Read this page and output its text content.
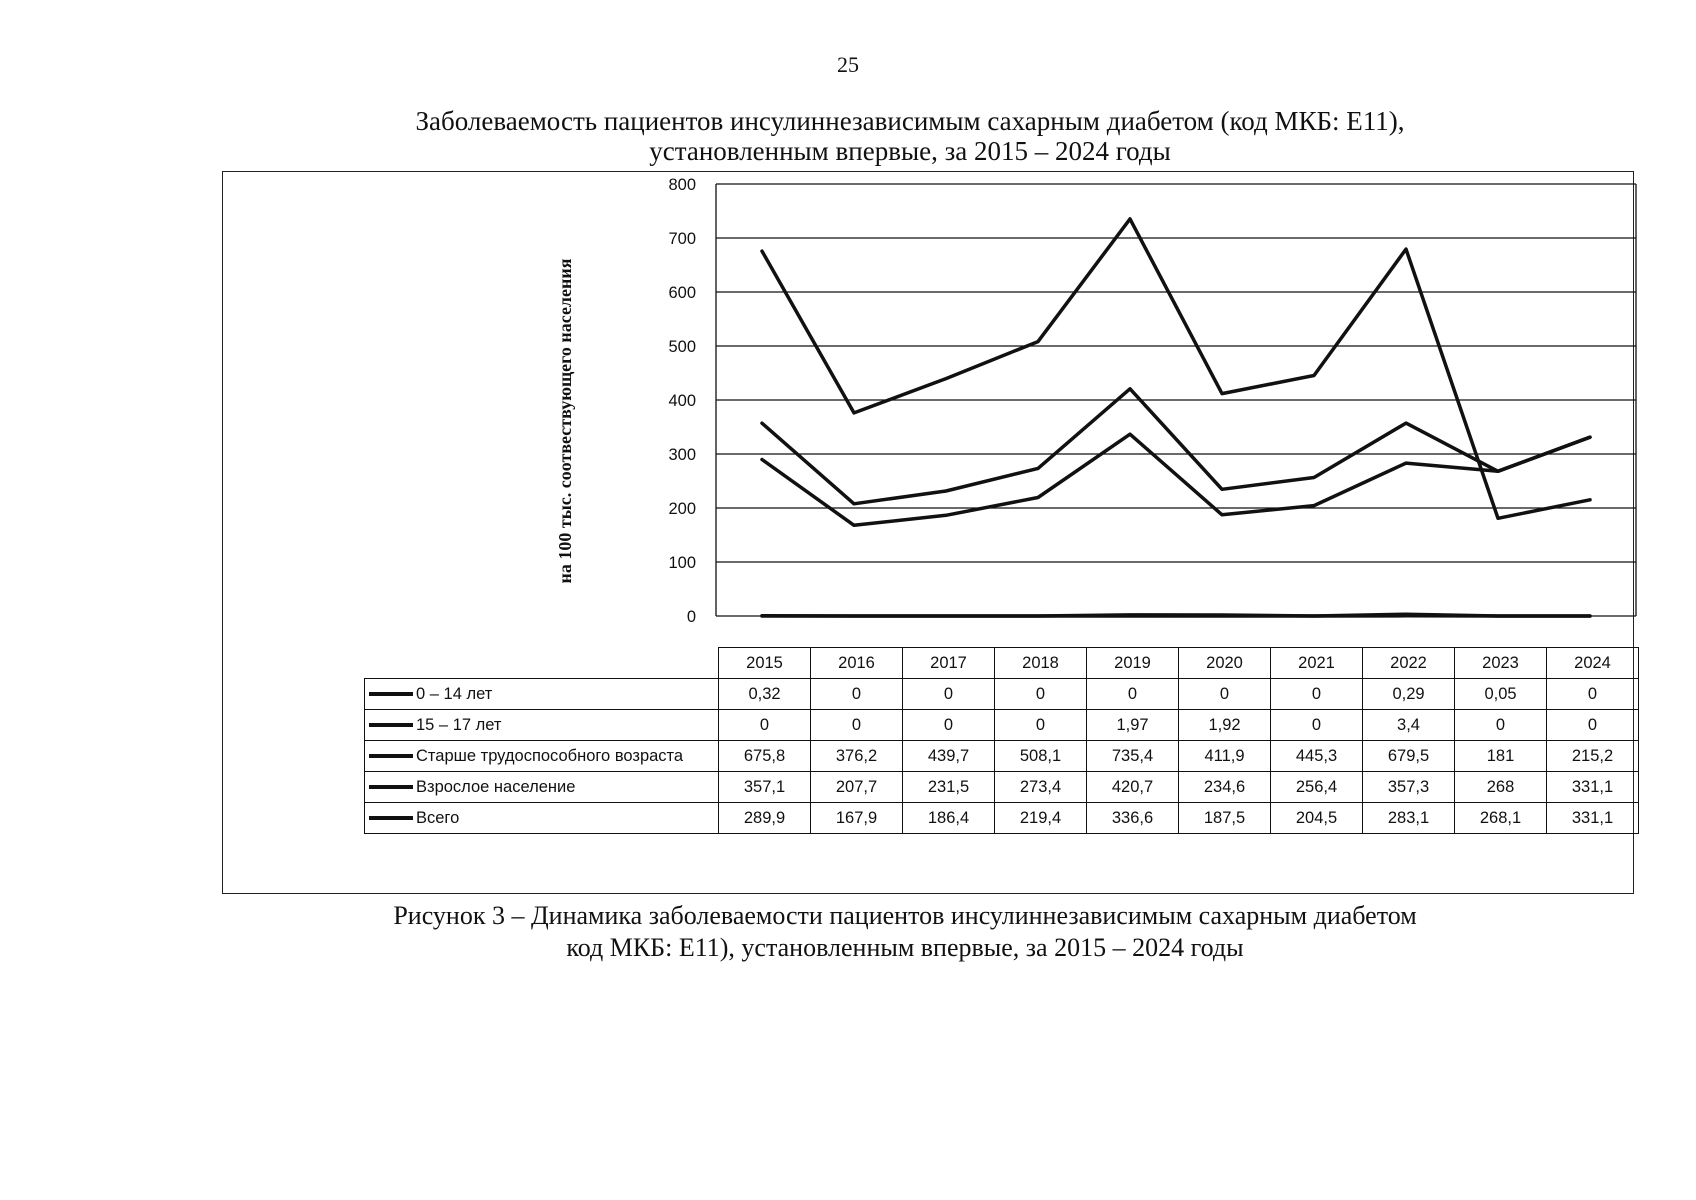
25
Заболеваемость пациентов инсулиннезависимым сахарным диабетом (код МКБ: E11),
установленным впервые, за 2015 – 2024 годы
0
100
200
300
400
500
600
700
800
на 100 тыс. соотвествующего населения
	2015	2016	2017	2018	2019	2020	2021	2022	2023	2024
0 – 14 лет	0,32	0	0	0	0	0	0	0,29	0,05	0
15 – 17 лет	0	0	0	0	1,97	1,92	0	3,4	0	0
Старше трудоспособного возраста	675,8	376,2	439,7	508,1	735,4	411,9	445,3	679,5	181	215,2
Взрослое население	357,1	207,7	231,5	273,4	420,7	234,6	256,4	357,3	268	331,1
Всего	289,9	167,9	186,4	219,4	336,6	187,5	204,5	283,1	268,1	331,1
Рисунок 3 – Динамика заболеваемости пациентов инсулиннезависимым сахарным диабетом
код МКБ: E11), установленным впервые, за 2015 – 2024 годы
